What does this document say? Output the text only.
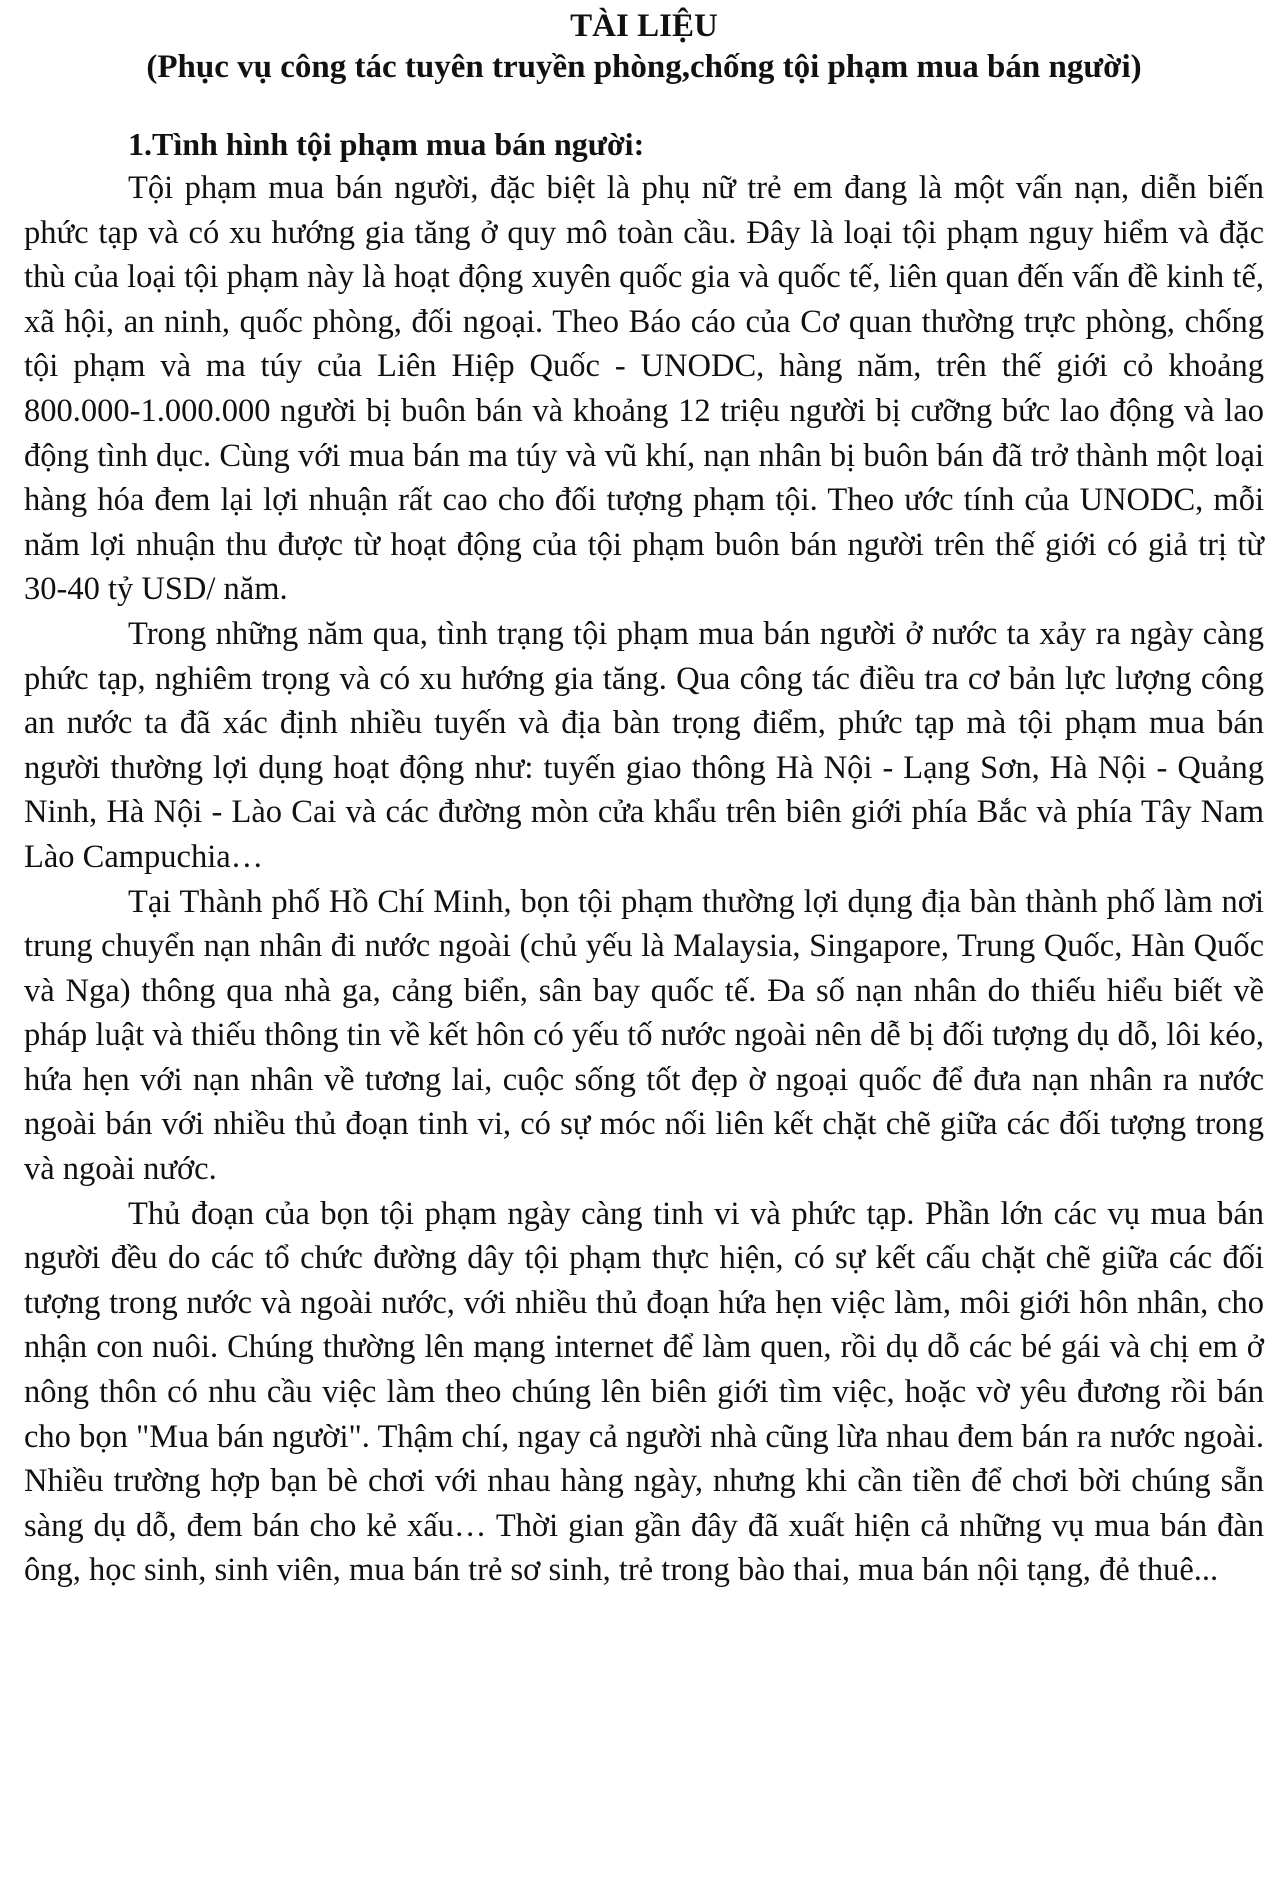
TÀI LIỆU
(Phục vụ công tác tuyên truyền phòng,chống tội phạm mua bán người)
1.Tình hình tội phạm mua bán người:

Tội phạm mua bán người, đặc biệt là phụ nữ trẻ em đang là một vấn nạn, diễn biến phức tạp và có xu hướng gia tăng ở quy mô toàn cầu. Đây là loại tội phạm nguy hiểm và đặc thù của loại tội phạm này là hoạt động xuyên quốc gia và quốc tế, liên quan đến vấn đề kinh tế, xã hội, an ninh, quốc phòng, đối ngoại. Theo Báo cáo của Cơ quan thường trực phòng, chống tội phạm và ma túy của Liên Hiệp Quốc - UNODC, hàng năm, trên thế giới cỏ khoảng 800.000-1.000.000 người bị buôn bán và khoảng 12 triệu người bị cưỡng bức lao động và lao động tình dục. Cùng với mua bán ma túy và vũ khí, nạn nhân bị buôn bán đã trở thành một loại hàng hóa đem lại lợi nhuận rất cao cho đối tượng phạm tội. Theo ước tính của UNODC, mỗi năm lợi nhuận thu được từ hoạt động của tội phạm buôn bán người trên thế giới có giả trị từ 30-40 tỷ USD/ năm.

Trong những năm qua, tình trạng tội phạm mua bán người ở nước ta xảy ra ngày càng phức tạp, nghiêm trọng và có xu hướng gia tăng. Qua công tác điều tra cơ bản lực lượng công an nước ta đã xác định nhiều tuyến và địa bàn trọng điểm, phức tạp mà tội phạm mua bán người thường lợi dụng hoạt động như: tuyến giao thông Hà Nội - Lạng Sơn, Hà Nội - Quảng Ninh, Hà Nội - Lào Cai và các đường mòn cửa khẩu trên biên giới phía Bắc và phía Tây Nam Lào Campuchia…

Tại Thành phố Hồ Chí Minh, bọn tội phạm thường lợi dụng địa bàn thành phố làm nơi trung chuyển nạn nhân đi nước ngoài (chủ yếu là Malaysia, Singapore, Trung Quốc, Hàn Quốc và Nga) thông qua nhà ga, cảng biển, sân bay quốc tế. Đa số nạn nhân do thiếu hiểu biết về pháp luật và thiếu thông tin về kết hôn có yếu tố nước ngoài nên dễ bị đối tượng dụ dỗ, lôi kéo, hứa hẹn với nạn nhân về tương lai, cuộc sống tốt đẹp ờ ngoại quốc để đưa nạn nhân ra nước ngoài bán với nhiều thủ đoạn tinh vi, có sự móc nối liên kết chặt chẽ giữa các đối tượng trong và ngoài nước.

Thủ đoạn của bọn tội phạm ngày càng tinh vi và phức tạp. Phần lớn các vụ mua bán người đều do các tổ chức đường dây tội phạm thực hiện, có sự kết cấu chặt chẽ giữa các đối tượng trong nước và ngoài nước, với nhiều thủ đoạn hứa hẹn việc làm, môi giới hôn nhân, cho nhận con nuôi. Chúng thường lên mạng internet để làm quen, rồi dụ dỗ các bé gái và chị em ở nông thôn có nhu cầu việc làm theo chúng lên biên giới tìm việc, hoặc vờ yêu đương rồi bán cho bọn "Mua bán người". Thậm chí, ngay cả người nhà cũng lừa nhau đem bán ra nước ngoài. Nhiều trường hợp bạn bè chơi với nhau hàng ngày, nhưng khi cần tiền để chơi bời chúng sẵn sàng dụ dỗ, đem bán cho kẻ xấu… Thời gian gần đây đã xuất hiện cả những vụ mua bán đàn ông, học sinh, sinh viên, mua bán trẻ sơ sinh, trẻ trong bào thai, mua bán nội tạng, đẻ thuê...
